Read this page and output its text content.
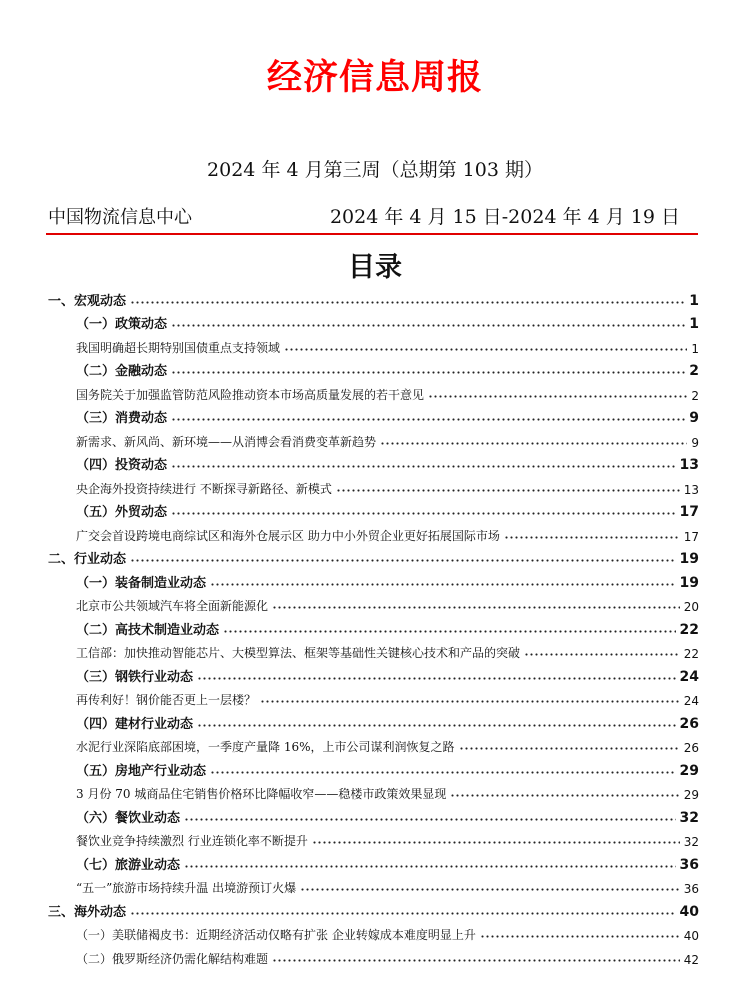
经济信息周报
2024 年 4 月第三周（总期第 103 期）
中国物流信息中心	2024 年 4 月 15 日-2024 年 4 月 19 日
目录
一、宏观动态	1
（一）政策动态	1
我国明确超长期特别国债重点支持领域	1
（二）金融动态	2
国务院关于加强监管防范风险推动资本市场高质量发展的若干意见	2
（三）消费动态	9
新需求、新风尚、新环境——从消博会看消费变革新趋势	9
（四）投资动态	13
央企海外投资持续进行 不断探寻新路径、新模式	13
（五）外贸动态	17
广交会首设跨境电商综试区和海外仓展示区 助力中小外贸企业更好拓展国际市场	17
二、行业动态	19
（一）装备制造业动态	19
北京市公共领域汽车将全面新能源化	20
（二）高技术制造业动态	22
工信部：加快推动智能芯片、大模型算法、框架等基础性关键核心技术和产品的突破	22
（三）钢铁行业动态	24
再传利好！钢价能否更上一层楼？	24
（四）建材行业动态	26
水泥行业深陷底部困境，一季度产量降 16%，上市公司谋利润恢复之路	26
（五）房地产行业动态	29
3 月份 70 城商品住宅销售价格环比降幅收窄——稳楼市政策效果显现	29
（六）餐饮业动态	32
餐饮业竞争持续激烈 行业连锁化率不断提升	32
（七）旅游业动态	36
“五一”旅游市场持续升温 出境游预订火爆	36
三、海外动态	40
（一）美联储褐皮书：近期经济活动仅略有扩张 企业转嫁成本难度明显上升	40
（二）俄罗斯经济仍需化解结构难题	42
